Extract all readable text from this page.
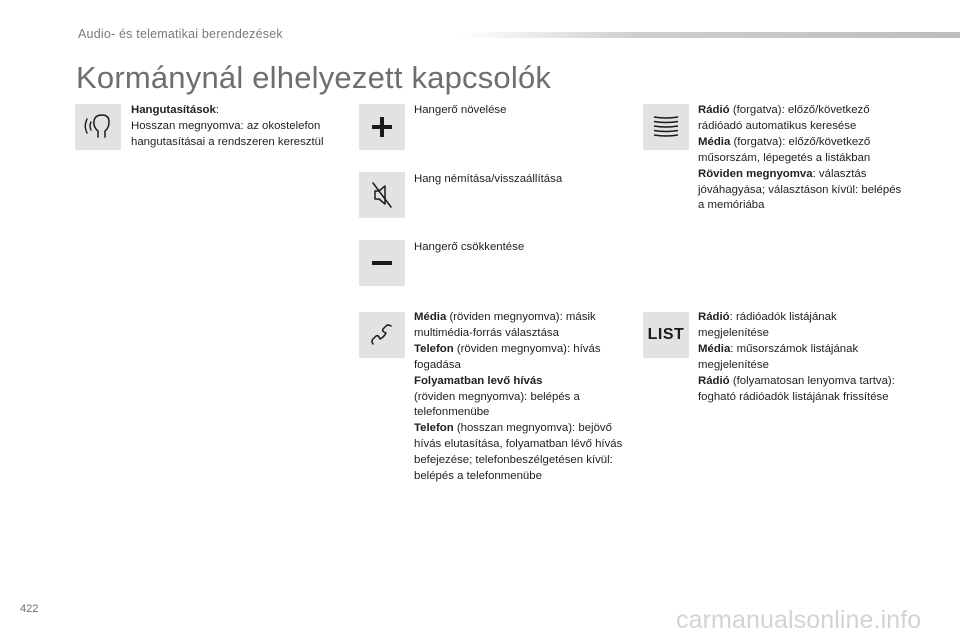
Audio- és telematikai berendezések
Kormánynál elhelyezett kapcsolók
Hangutasítások:
Hosszan megnyomva: az okostelefon hangutasításai a rendszeren keresztül
Hangerő növelése
Hang némítása/visszaállítása
Hangerő csökkentése
Média (röviden megnyomva): másik multimédia-forrás választása
Telefon (röviden megnyomva): hívás fogadása
Folyamatban levő hívás
(röviden megnyomva): belépés a telefonmenübe
Telefon (hosszan megnyomva): bejövő hívás elutasítása, folyamatban lévő hívás befejezése; telefonbeszélgetésen kívül: belépés a telefonmenübe
Rádió (forgatva): előző/következő rádióadó automatikus keresése
Média (forgatva): előző/következő műsorszám, lépegetés a listákban
Röviden megnyomva: választás jóváhagyása; választáson kívül: belépés a memóriába
LIST
Rádió: rádióadók listájának megjelenítése
Média: műsorszámok listájának megjelenítése
Rádió (folyamatosan lenyomva tartva): fogható rádióadók listájának frissítése
422	carmanualsonline.info
